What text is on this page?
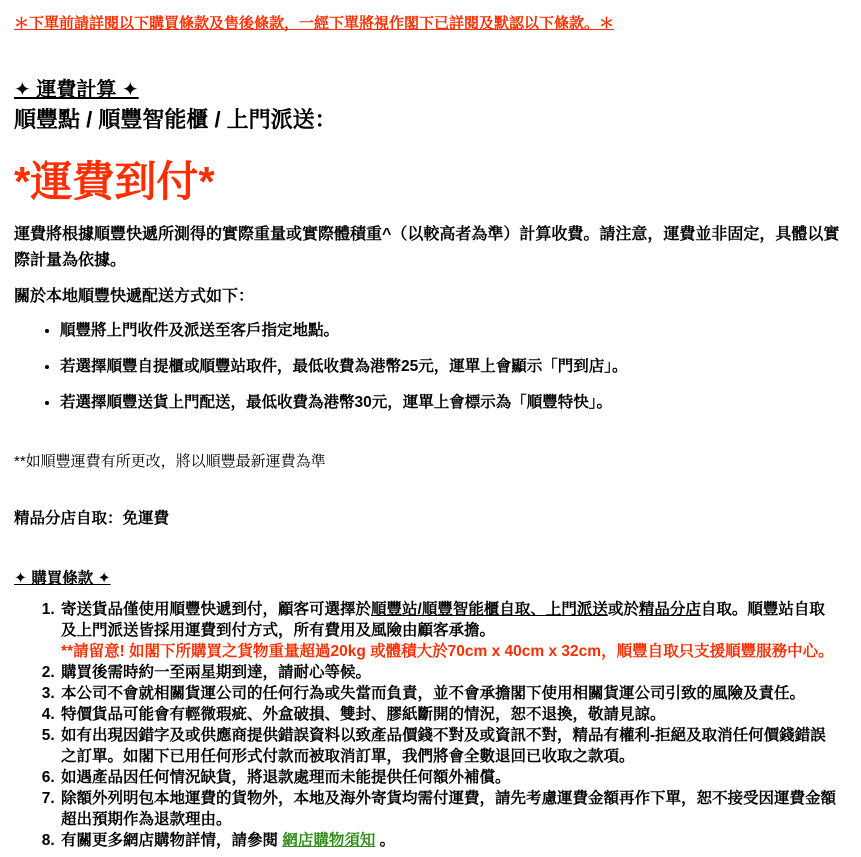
＊下單前請詳閱以下購買條款及售後條款，一經下單將視作閣下已詳閱及默認以下條款。＊

✦ 運費計算 ✦
順豐點 / 順豐智能櫃 / 上門派送：

*運費到付*

運費將根據順豐快遞所測得的實際重量或實際體積重^（以較高者為準）計算收費。請注意，運費並非固定，具體以實際計量為依據。

關於本地順豐快遞配送方式如下：

• 順豐將上門收件及派送至客戶指定地點。
• 若選擇順豐自提櫃或順豐站取件，最低收費為港幣25元，運單上會顯示「門到店」。
• 若選擇順豐送貨上門配送，最低收費為港幣30元，運單上會標示為「順豐特快」。

**如順豐運費有所更改，將以順豐最新運費為準

精品分店自取：免運費

✦ 購買條款 ✦
1. 寄送貨品僅使用順豐快遞到付，顧客可選擇於順豐站/順豐智能櫃自取、上門派送或於精品分店自取。順豐站自取及上門派送皆採用運費到付方式，所有費用及風險由顧客承擔。
**請留意! 如閣下所購買之貨物重量超過20kg 或體積大於70cm x 40cm x 32cm，順豐自取只支援順豐服務中心。
2. 購買後需時約一至兩星期到達，請耐心等候。
3. 本公司不會就相關貨運公司的任何行為或失當而負責，並不會承擔閣下使用相關貨運公司引致的風險及責任。
4. 特價貨品可能會有輕微瑕疵、外盒破損、雙封、膠紙斷開的情況，恕不退換，敬請見諒。
5. 如有出現因錯字及或供應商提供錯誤資料以致產品價錢不對及或資訊不對，精品有權利-拒絕及取消任何價錢錯誤之訂單。如閣下已用任何形式付款而被取消訂單，我們將會全數退回已收取之款項。
6. 如遇產品因任何情況缺貨，將退款處理而未能提供任何額外補償。
7. 除額外列明包本地運費的貨物外，本地及海外寄貨均需付運費，請先考慮運費金額再作下單，恕不接受因運費金額超出預期作為退款理由。
8. 有關更多網店購物詳情，請參閱 網店購物須知 。
